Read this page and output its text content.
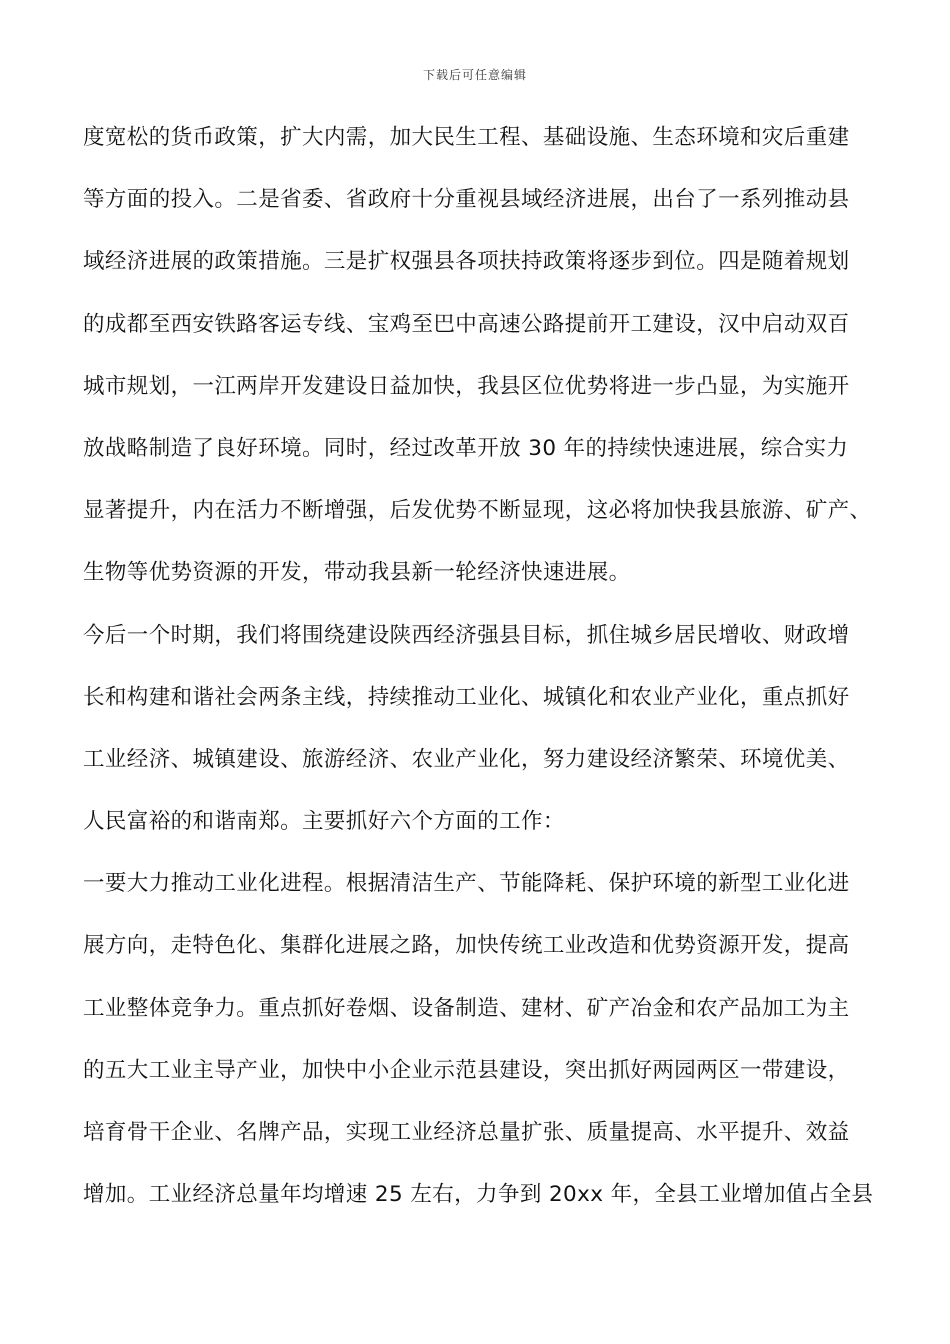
下载后可任意编辑
度宽松的货币政策，扩大内需，加大民生工程、基础设施、生态环境和灾后重建
等方面的投入。二是省委、省政府十分重视县域经济进展，出台了一系列推动县
域经济进展的政策措施。三是扩权强县各项扶持政策将逐步到位。四是随着规划
的成都至西安铁路客运专线、宝鸡至巴中高速公路提前开工建设，汉中启动双百
城市规划，一江两岸开发建设日益加快，我县区位优势将进一步凸显，为实施开
放战略制造了良好环境。同时，经过改革开放 30 年的持续快速进展，综合实力
显著提升，内在活力不断增强，后发优势不断显现，这必将加快我县旅游、矿产、
生物等优势资源的开发，带动我县新一轮经济快速进展。
今后一个时期，我们将围绕建设陕西经济强县目标，抓住城乡居民增收、财政增
长和构建和谐社会两条主线，持续推动工业化、城镇化和农业产业化，重点抓好
工业经济、城镇建设、旅游经济、农业产业化，努力建设经济繁荣、环境优美、
人民富裕的和谐南郑。主要抓好六个方面的工作：
一要大力推动工业化进程。根据清洁生产、节能降耗、保护环境的新型工业化进
展方向，走特色化、集群化进展之路，加快传统工业改造和优势资源开发，提高
工业整体竞争力。重点抓好卷烟、设备制造、建材、矿产冶金和农产品加工为主
的五大工业主导产业，加快中小企业示范县建设，突出抓好两园两区一带建设，
培育骨干企业、名牌产品，实现工业经济总量扩张、质量提高、水平提升、效益
增加。工业经济总量年均增速 25 左右，力争到 20xx 年，全县工业增加值占全县
